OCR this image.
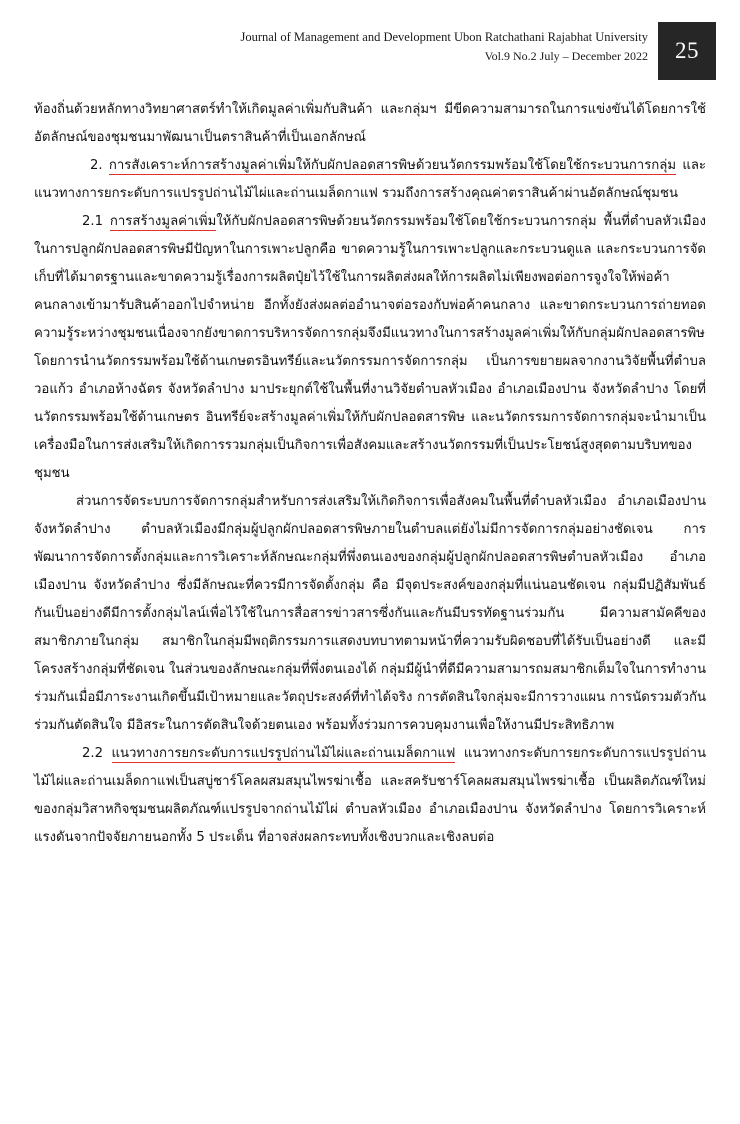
Journal of Management and Development Ubon Ratchathani Rajabhat University
Vol.9 No.2 July – December 2022	25

ท้องถิ่นด้วยหลักทางวิทยาศาสตร์ทำให้เกิดมูลค่าเพิ่มกับสินค้า และกลุ่มฯ มีขีดความสามารถในการแข่งขันได้โดยการใช้อัตลักษณ์ของชุมชนมาพัฒนาเป็นตราสินค้าที่เป็นเอกลักษณ์

2. การสังเคราะห์การสร้างมูลค่าเพิ่มให้กับผักปลอดสารพิษด้วยนวัตกรรมพร้อมใช้โดยใช้กระบวนการกลุ่ม และแนวทางการยกระดับการแปรรูปถ่านไม้ไผ่และถ่านเมล็ดกาแฟ รวมถึงการสร้างคุณค่าตราสินค้าผ่านอัตลักษณ์ชุมชน

2.1 การสร้างมูลค่าเพิ่มให้กับผักปลอดสารพิษด้วยนวัตกรรมพร้อมใช้โดยใช้กระบวนการกลุ่ม พื้นที่ตำบลหัวเมืองในการปลูกผักปลอดสารพิษมีปัญหาในการเพาะปลูกคือ ขาดความรู้ในการเพาะปลูกและกระบวนดูแล และกระบวนการจัดเก็บที่ได้มาตรฐานและขาดความรู้เรื่องการผลิตปุ๋ยไว้ใช้ในการผลิตส่งผลให้การผลิตไม่เพียงพอต่อการจูงใจให้พ่อค้าคนกลางเข้ามารับสินค้าออกไปจำหน่าย อีกทั้งยังส่งผลต่ออำนาจต่อรองกับพ่อค้าคนกลาง และขาดกระบวนการถ่ายทอดความรู้ระหว่างชุมชนเนื่องจากยังขาดการบริหารจัดการกลุ่มจึงมีแนวทางในการสร้างมูลค่าเพิ่มให้กับกลุ่มผักปลอดสารพิษ โดยการนำนวัตกรรมพร้อมใช้ด้านเกษตรอินทรีย์และนวัตกรรมการจัดการกลุ่ม เป็นการขยายผลจากงานวิจัยพื้นที่ตำบลวอแก้ว อำเภอห้างฉัตร จังหวัดลำปาง มาประยุกต์ใช้ในพื้นที่งานวิจัยตำบลหัวเมือง อำเภอเมืองปาน จังหวัดลำปาง โดยที่นวัตกรรมพร้อมใช้ด้านเกษตร อินทรีย์จะสร้างมูลค่าเพิ่มให้กับผักปลอดสารพิษ และนวัตกรรมการจัดการกลุ่มจะนำมาเป็นเครื่องมือในการส่งเสริมให้เกิดการรวมกลุ่มเป็นกิจการเพื่อสังคมและสร้างนวัตกรรมที่เป็นประโยชน์สูงสุดตามบริบทของชุมชน

ส่วนการจัดระบบการจัดการกลุ่มสำหรับการส่งเสริมให้เกิดกิจการเพื่อสังคมในพื้นที่ตำบลหัวเมือง อำเภอเมืองปาน จังหวัดลำปาง ตำบลหัวเมืองมีกลุ่มผู้ปลูกผักปลอดสารพิษภายในตำบลแต่ยังไม่มีการจัดการกลุ่มอย่างชัดเจน การพัฒนาการจัดการตั้งกลุ่มและการวิเคราะห์ลักษณะกลุ่มที่พึ่งตนเองของกลุ่มผู้ปลูกผักปลอดสารพิษตำบลหัวเมือง อำเภอเมืองปาน จังหวัดลำปาง ซึ่งมีลักษณะที่ควรมีการจัดตั้งกลุ่ม คือ มีจุดประสงค์ของกลุ่มที่แน่นอนชัดเจน กลุ่มมีปฏิสัมพันธ์กันเป็นอย่างดีมีการตั้งกลุ่มไลน์เพื่อไว้ใช้ในการสื่อสารข่าวสารซึ่งกันและกันมีบรรทัดฐานร่วมกัน มีความสามัคคีของสมาชิกภายในกลุ่ม สมาชิกในกลุ่มมีพฤติกรรมการแสดงบทบาทตามหน้าที่ความรับผิดชอบที่ได้รับเป็นอย่างดี และมีโครงสร้างกลุ่มที่ชัดเจน ในส่วนของลักษณะกลุ่มที่พึ่งตนเองได้ กลุ่มมีผู้นำที่ดีมีความสามารถมสมาชิกเต็มใจในการทำงานร่วมกันเมื่อมีภาระงานเกิดขึ้นมีเป้าหมายและวัตถุประสงค์ที่ทำได้จริง การตัดสินใจกลุ่มจะมีการวางแผน การนัดรวมตัวกัน ร่วมกันตัดสินใจ มีอิสระในการตัดสินใจด้วยตนเอง พร้อมทั้งร่วมการควบคุมงานเพื่อให้งานมีประสิทธิภาพ

2.2 แนวทางการยกระดับการแปรรูปถ่านไม้ไผ่และถ่านเมล็ดกาแฟ แนวทางกระดับการยกระดับการแปรรูปถ่านไม้ไผ่และถ่านเมล็ดกาแฟเป็นสบู่ชาร์โคลผสมสมุนไพรฆ่าเชื้อ และสครับชาร์โคลผสมสมุนไพรฆ่าเชื้อ เป็นผลิตภัณฑ์ใหม่ของกลุ่มวิสาหกิจชุมชนผลิตภัณฑ์แปรรูปจากถ่านไม้ไผ่ ตำบลหัวเมือง อำเภอเมืองปาน จังหวัดลำปาง โดยการวิเคราะห์แรงดันจากปัจจัยภายนอกทั้ง 5 ประเด็น ที่อาจส่งผลกระทบทั้งเชิงบวกและเชิงลบต่อ
